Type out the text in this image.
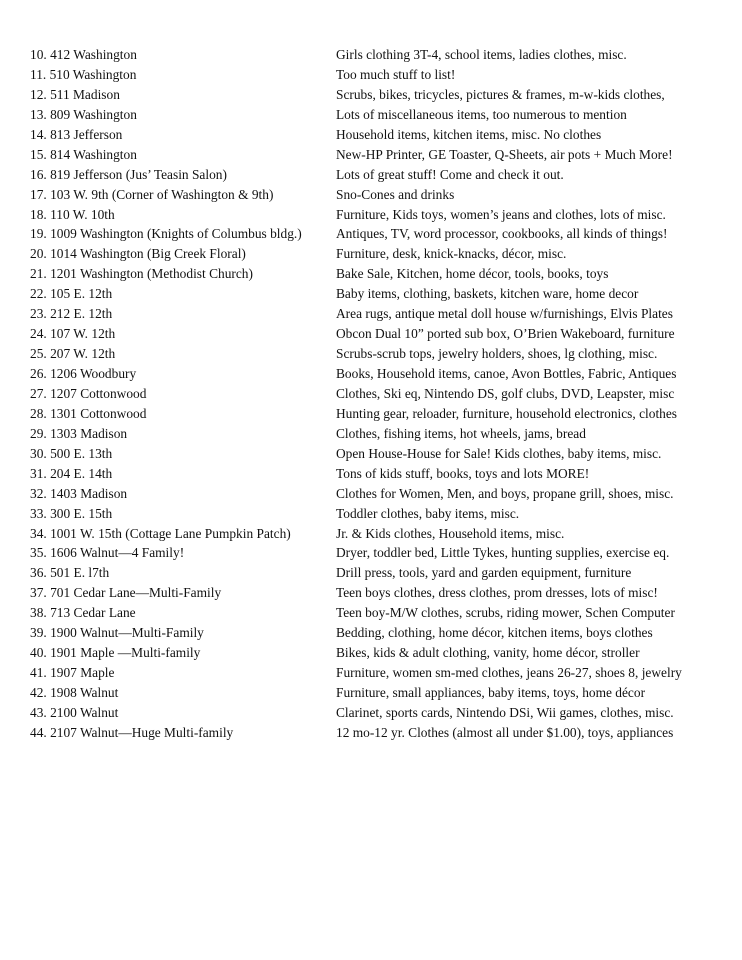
10. 412 Washington	Girls clothing 3T-4, school items, ladies clothes, misc.
11. 510 Washington	Too much stuff to list!
12. 511 Madison	Scrubs, bikes, tricycles, pictures & frames, m-w-kids clothes,
13. 809 Washington	Lots of miscellaneous items, too numerous to mention
14. 813 Jefferson	Household items, kitchen items, misc. No clothes
15. 814 Washington	New-HP Printer, GE Toaster, Q-Sheets, air pots + Much More!
16. 819 Jefferson (Jus’ Teasin Salon)	Lots of great stuff! Come and check it out.
17. 103 W. 9th (Corner of Washington & 9th)	Sno-Cones and drinks
18. 110 W. 10th	Furniture, Kids toys, women’s jeans and clothes, lots of misc.
19. 1009 Washington (Knights of Columbus bldg.)	Antiques, TV, word processor, cookbooks, all kinds of things!
20. 1014 Washington (Big Creek Floral)	Furniture, desk, knick-knacks, décor, misc.
21. 1201 Washington (Methodist Church)	Bake Sale, Kitchen, home décor, tools, books, toys
22. 105 E. 12th	Baby items, clothing, baskets, kitchen ware, home decor
23. 212 E. 12th	Area rugs, antique metal doll house w/furnishings, Elvis Plates
24. 107 W. 12th	Obcon Dual 10” ported sub box, O’Brien Wakeboard, furniture
25. 207 W. 12th	Scrubs-scrub tops, jewelry holders, shoes, lg clothing, misc.
26. 1206 Woodbury	Books, Household items, canoe, Avon Bottles, Fabric, Antiques
27. 1207 Cottonwood	Clothes, Ski eq, Nintendo DS, golf clubs, DVD, Leapster, misc
28. 1301 Cottonwood	Hunting gear, reloader, furniture, household electronics, clothes
29. 1303 Madison	Clothes, fishing items, hot wheels, jams, bread
30. 500 E. 13th	Open House-House for Sale! Kids clothes, baby items, misc.
31. 204 E. 14th	Tons of kids stuff, books, toys and lots MORE!
32. 1403 Madison	Clothes for Women, Men, and boys, propane grill, shoes, misc.
33. 300 E. 15th	Toddler clothes, baby items, misc.
34. 1001 W. 15th (Cottage Lane Pumpkin Patch)	Jr. & Kids clothes, Household items, misc.
35. 1606 Walnut—4 Family!	Dryer, toddler bed, Little Tykes, hunting supplies, exercise eq.
36. 501 E. l7th	Drill press, tools, yard and garden equipment, furniture
37. 701 Cedar Lane—Multi-Family	Teen boys clothes, dress clothes, prom dresses, lots of misc!
38. 713 Cedar Lane	Teen boy-M/W clothes, scrubs, riding mower, Schen Computer
39. 1900 Walnut—Multi-Family	Bedding, clothing, home décor, kitchen items, boys clothes
40. 1901 Maple —Multi-family	Bikes, kids & adult clothing, vanity, home décor, stroller
41. 1907 Maple	Furniture, women sm-med clothes, jeans 26-27, shoes 8, jewelry
42. 1908 Walnut	Furniture, small appliances, baby items, toys, home décor
43. 2100 Walnut	Clarinet, sports cards, Nintendo DSi, Wii games, clothes, misc.
44. 2107 Walnut—Huge Multi-family	12 mo-12 yr. Clothes (almost all under $1.00), toys, appliances
